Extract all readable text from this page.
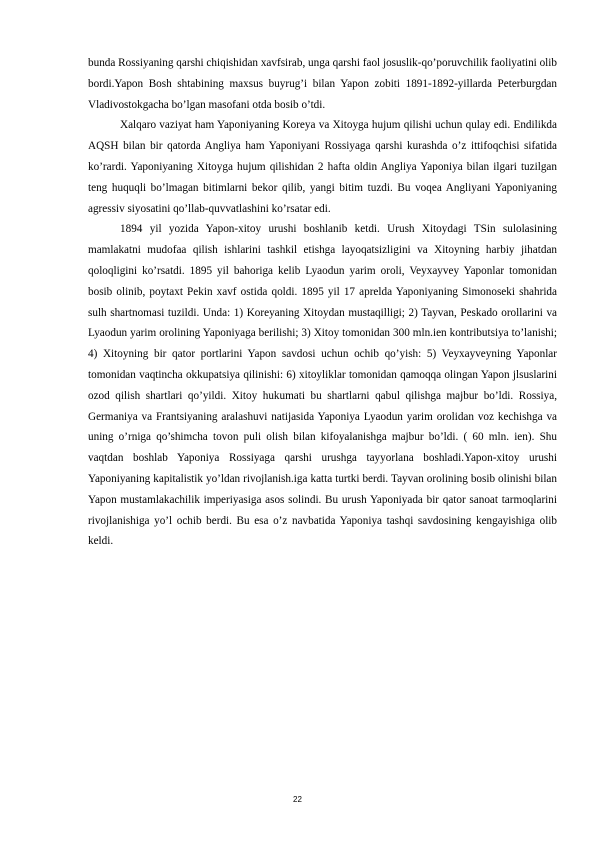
bunda Rossiyaning qarshi chiqishidan xavfsirab, unga qarshi faol josuslik-qo’poruvchilik faoliyatini olib bordi.Yapon Bosh shtabining maxsus buyrug’i bilan Yapon zobiti 1891-1892-yillarda Peterburgdan Vladivostokgacha bo’lgan masofani otda bosib o’tdi.

Xalqaro vaziyat ham Yaponiyaning Koreya va Xitoyga hujum qilishi uchun qulay edi. Endilikda AQSH bilan bir qatorda Angliya ham Yaponiyani Rossiyaga qarshi kurashda o’z ittifoqchisi sifatida ko’rardi. Yaponiyaning Xitoyga hujum qilishidan 2 hafta oldin Angliya Yaponiya bilan ilgari tuzilgan teng huquqli bo’lmagan bitimlarni bekor qilib, yangi bitim tuzdi. Bu voqea Angliyani Yaponiyaning agressiv siyosatini qo’llab-quvvatlashini ko’rsatar edi.

1894 yil yozida Yapon-xitoy urushi boshlanib ketdi. Urush Xitoydagi TSin sulolasining mamlakatni mudofaa qilish ishlarini tashkil etishga layoqatsizligini va Xitoyning harbiy jihatdan qoloqligini ko’rsatdi. 1895 yil bahoriga kelib Lyaodun yarim oroli, Veyxayvey Yaponlar tomonidan bosib olinib, poytaxt Pekin xavf ostida qoldi. 1895 yil 17 aprelda Yaponiyaning Simonoseki shahrida sulh shartnomasi tuzildi. Unda: 1) Koreyaning Xitoydan mustaqilligi; 2) Tayvan, Peskado orollarini va Lyaodun yarim orolining Yaponiyaga berilishi; 3) Xitoy tomonidan 300 mln.ien kontributsiya to’lanishi; 4) Xitoyning bir qator portlarini Yapon savdosi uchun ochib qo’yish: 5) Veyxayveyning Yaponlar tomonidan vaqtincha okkupatsiya qilinishi: 6) xitoyliklar tomonidan qamoqqa olingan Yapon jlsuslarini ozod qilish shartlari qo’yildi. Xitoy hukumati bu shartlarni qabul qilishga majbur bo’ldi. Rossiya, Germaniya va Frantsiyaning aralashuvi natijasida Yaponiya Lyaodun yarim orolidan voz kechishga va uning o’rniga qo’shimcha tovon puli olish bilan kifoyalanishga majbur bo’ldi. ( 60 mln. ien). Shu vaqtdan boshlab Yaponiya Rossiyaga qarshi urushga tayyorlana boshladi.Yapon-xitoy urushi Yaponiyaning kapitalistik yo’ldan rivojlanish.iga katta turtki berdi. Tayvan orolining bosib olinishi bilan Yapon mustamlakachilik imperiyasiga asos solindi. Bu urush Yaponiyada bir qator sanoat tarmoqlarini rivojlanishiga yo’l ochib berdi. Bu esa o’z navbatida Yaponiya tashqi savdosining kengayishiga olib keldi.

22
